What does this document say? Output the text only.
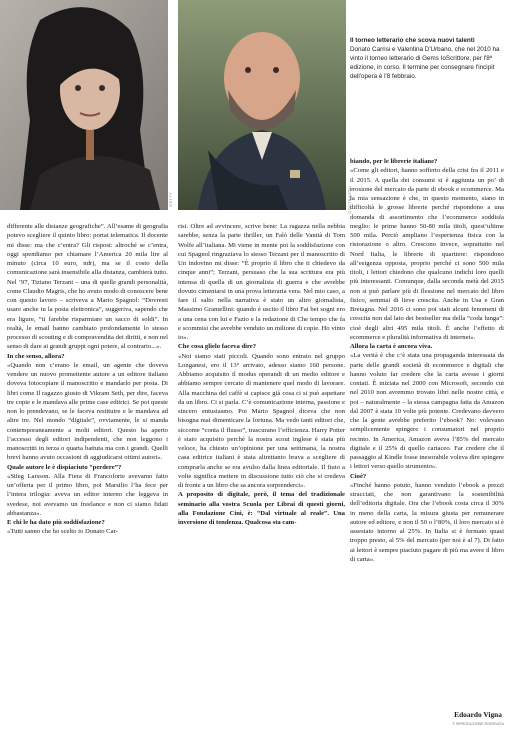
GETTY	CONTRASTO
Il torneo letterario che scova nuovi talenti
Donato Carrisi e Valentina D'Urbano, che nel 2010 ha vinto il torneo letterario di Gems IoScrittore, per l'8ª edizione, in corso. Il termine per consegnare l'incipit dell'opera è l'8 febbraio.

differente alle distanze geografiche”. All’esame di geografia potevo scegliere il quinto libro: portai telematica. Il docente mi disse: ma che c’entra? Gli risposi: altroché se c’entra, oggi spendiamo per chiamare l’America 20 mila lire al minuto (circa 10 euro, ndr), ma se il costo della comunicazione sarà insensibile alla distanza, cambierà tutto. Nel ’97, Tiziano Terzani – una di quelle grandi personalità, come Claudio Magris, che ho avuto modo di conoscere bene con questo lavoro – scriveva a Mario Spagnol: “Dovresti usare anche tu la posta elettronica”, suggeriva, sapendo che era ligure, “ti farebbe risparmiare un sacco di soldi”. In realtà, le email hanno cambiato profondamente lo stesso processo di scouting e di compravendita dei diritti, e non nel senso di dare ai grandi gruppi ogni potere, al contrario...».

In che senso, allora?

«Quando non c’erano le email, un agente che doveva vendere un nuovo promettente autore a un editore italiano doveva fotocopiare il manoscritto e mandarlo per posta. Di libri come Il ragazzo giusto di Vikram Seth, per dire, faceva tre copie e le mandava alle prime case editrici. Se poi queste non lo prendevano, se le faceva restituire e le mandava ad altre tre. Nel mondo “digitale”, ovviamente, le si manda contemporaneamente a molti editori. Questo ha aperto l’accesso degli editori indipendenti, che non leggono i manoscritti in terza o quarta battuta ma con i grandi. Quelli brevi hanno avuto occasioni di aggiudicarsi ottimi autori».

Quale autore le è dispiaciuto “perdere”?

«Stieg Larsson. Alla Fiera di Francoforte avevamo fatto un’offerta per il primo libro, poi Marsilio l’ha fece per l’intera trilogia: aveva un editor interno che leggeva in svedese, noi avevamo un freelance e non ci siamo fidati abbastanza».

E chi le ha dato più soddisfazione?

«Tutti sanno che ho scelto io Donato Car-

risi. Oltre ad avvincere, scrive bene: La ragazza nella nebbia sarebbe, senza la parte thriller, un Falò delle Vanità di Tom Wolfe all’italiana. Mi viene in mente poi la soddisfazione con cui Spagnol ringraziava lo stesso Terzani per il manoscritto di Un indovino mi disse: “È proprio il libro che ti chiedevo da cinque anni”; Terzani, persuaso che la sua scrittura era più intensa di quella di un giornalista di guerra e che avrebbe dovuto cimentarsi in una prova letteraria vera. Nel mio caso, a fare il salto nella narrativa è stato un altro giornalista, Massimo Gramellini: quando è uscito il libro Fai bei sogni ero a una cena con lui e Fazio e la redazione di Che tempo che fa e scommisi che avrebbe venduto un milione di copie. Ho vinto io».

Che cosa glielo faceva dire?

«Noi siamo stati piccoli. Quando sono entrato nel gruppo Longanesi, ero il 13° arrivato, adesso siamo 160 persone. Abbiamo acquisito il modus operandi di un medio editore e abbiamo sempre cercato di mantenere quel modo di lavorare. Alla macchina del caffè si capisce già cosa ci si può aspettare da un libro. Ci si parla. C’è comunicazione interna, passione e sincero entusiasmo. Poi Mario Spagnol diceva che non bisogna mai dimenticare la fortuna. Ma vedo tanti editori che, siccome “conta il flusso”, trascurano l’efficienza. Harry Potter è stato acquisito perché la nostra scout inglese è stata più veloce, ha chiesto un’opinione per una settimana, la nostra casa editrice italiani è stata altrettanto brava a scegliere di comprarla anche se era avulso dalla linea editoriale. Il fiuto a volte significa mettere in discussione tutto ciò che si credeva di fronte a un libro che sa ancora sorprenderci».

A proposito di digitale, però, il tema del tradizionale seminario alla vostra Scuola per Librai di questi giorni, alla Fondazione Cini, è: “Dal virtuale al reale”. Una inversione di tendenza. Qualcosa sta cam-
biando, per le librerie italiane?

«Come gli editori, hanno sofferto della crisi fra il 2011 e il 2015. A quella dei consumi si è aggiunta un po’ di erosione del mercato da parte di ebook e ecommerce. Ma la mia sensazione è che, in questo momento, siano in difficoltà le grosse librerie perché rispondono a una domanda di assortimento che l’ecommerce soddisfa meglio: le prime hanno 50-80 mila titoli, quest’ultime 500 mila. Perciò ampliano l’esperienza fisica con la ristorazione o altro. Crescono invece, soprattutto nel Nord Italia, le librerie di quartiere: rispondono all’esigenza opposta, proprio perché ci sono 500 mila titoli, i lettori chiedono che qualcuno indichi loro quelli più interessanti. Comunque, dalla seconda metà del 2015 non si può parlare più di flessione nel mercato del libro fisico, semmai di lieve crescita. Anche in Usa e Gran Bretagna. Nel 2016 ci sono poi stati alcuni fenomeni di crescita non dal lato dei bestseller ma della “coda lunga”: cioè degli altri 495 mila titoli. È anche l’effetto di ecommerce e pluralità informativa di internet».

Allora la carta è ancora viva.

«La verità è che c’è stata una propaganda interessata da parte delle grandi società di ecommerce e digitali che hanno voluto far credere che la carta avesse i giorni contati. È iniziata nel 2000 con Microsoft, secondo cui nel 2010 non avremmo trovato libri nelle nostre città, e poi – naturalmente – la stessa campagna fatta da Amazon dal 2007 è stata 10 volte più potente. Credevano davvero che la gente avrebbe preferito l’ebook? No: volevano semplicemente spingere i consumatori nel proprio recinto. In America, Amazon aveva l’85% del mercato digitale e il 25% di quello cartaceo. Far credere che il passaggio al Kindle fosse inesorabile voleva dire spingere i lettori verso quello strumento».

Cioè?

«Finché hanno potuto, hanno venduto l’ebook a prezzi stracciati, che non garantivano la sostenibilità dell’editoria digitale. Ora che l’ebook costa circa il 30% in meno della carta, la misura giusta per remunerare autore ed editore, e non il 50 o l’80%, il loro mercato si è assestato intorno al 25%. In Italia si è fermato quasi troppo presto, al 5% del mercato (per noi è al 7). Di fatto ai lettori è sempre piaciuto pagare di più ma avere il libro di carta».

Edoardo Vigna
© RIPRODUZIONE RISERVATA
